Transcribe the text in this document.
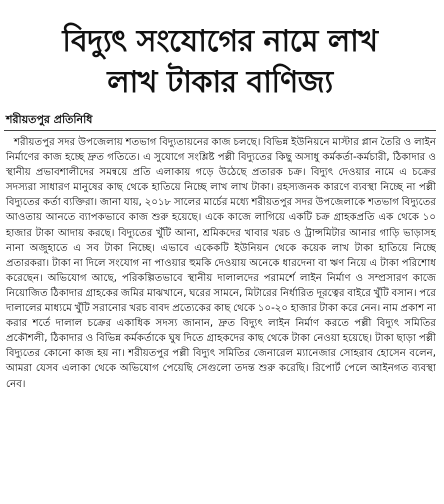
বিদ্যুৎ সংযোগের নামে লাখ
লাখ টাকার বাণিজ্য
শরীয়তপুর প্রতিনিধি

শরীয়তপুর সদর উপজেলায় শতভাগ বিদ্যুতায়নের কাজ চলছে। বিভিন্ন ইউনিয়নে মাস্টার প্লান তৈরি ও লাইন নির্মাণের কাজ হচ্ছে দ্রুত গতিতে। এ সুযোগে সংশ্লিষ্ট পল্লী বিদ্যুতের কিছু অসাধু কর্মকর্তা-কর্মচারী, ঠিকাদার ও স্থানীয় প্রভাবশালীদের সমন্বয়ে প্রতি এলাকায় গড়ে উঠেছে প্রতারক চক্র। বিদ্যুৎ দেওয়ার নামে এ চক্রের সদস্যরা সাধারণ মানুষের কাছ থেকে হাতিয়ে নিচ্ছে লাখ লাখ টাকা। রহস্যজনক কারণে ব্যবস্থা নিচ্ছে না পল্লী বিদ্যুতের কর্তা ব্যক্তিরা। জানা যায়, ২০১৮ সালের মার্চের মধ্যে শরীয়তপুর সদর উপজেলাকে শতভাগ বিদ্যুতের আওতায় আনতে ব্যাপকভাবে কাজ শুরু হয়েছে। একে কাজে লাগিয়ে একটি চক্র গ্রাহকপ্রতি এক থেকে ১০ হাজার টাকা আদায় করছে। বিদ্যুতের খুঁটি আনা, শ্রমিকদের খাবার খরচ ও ট্রান্সমিটার আনার গাড়ি ভাড়াসহ নানা অজুহাতে এ সব টাকা নিচ্ছে। এভাবে একেকটি ইউনিয়ন থেকে কয়েক লাখ টাকা হাতিয়ে নিচ্ছে প্রতারকরা। টাকা না দিলে সংযোগ না পাওয়ার হুমকি দেওয়ায় অনেকে ধারদেনা বা ঋণ নিয়ে এ টাকা পরিশোধ করেছেন। অভিযোগ আছে, পরিকল্পিতভাবে স্থানীয় দালালদের পরামর্শে লাইন নির্মাণ ও সম্প্রসারণ কাজে নিয়োজিত ঠিকাদার গ্রাহকের জমির মাঝখানে, ঘরের সামনে, মিটারের নির্ধারিত দূরত্বের বাইরে খুঁটি বসান। পরে দালালের মাধ্যমে খুঁটি সরানোর খরচ বাবদ প্রত্যেকের কাছ থেকে ১০-২০ হাজার টাকা করে নেন। নাম প্রকাশ না করার শর্তে দালাল চক্রের একাধিক সদস্য জানান, দ্রুত বিদ্যুৎ লাইন নির্মাণ করতে পল্লী বিদ্যুৎ সমিতির প্রকৌশলী, ঠিকাদার ও বিভিন্ন কর্মকর্তাকে ঘুষ দিতে গ্রাহকদের কাছ থেকে টাকা নেওয়া হয়েছে। টাকা ছাড়া পল্লী বিদ্যুতের কোনো কাজ হয় না। শরীয়তপুর পল্লী বিদ্যুৎ সমিতির জেনারেল ম্যানেজার সোহরাব হোসেন বলেন, আমরা যেসব এলাকা থেকে অভিযোগ পেয়েছি সেগুলো তদন্ত শুরু করেছি। রিপোর্ট পেলে আইনগত ব্যবস্থা নেব।
